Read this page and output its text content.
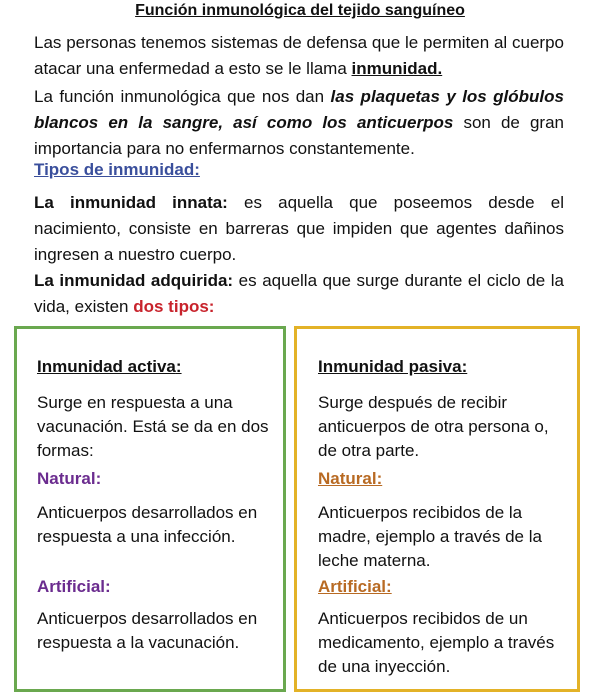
Función inmunológica del tejido sanguíneo
Las personas tenemos sistemas de defensa que le permiten al cuerpo atacar una enfermedad a esto se le llama inmunidad.
La función inmunológica que nos dan las plaquetas y los glóbulos blancos en la sangre, así como los anticuerpos son de gran importancia para no enfermarnos constantemente.
Tipos de inmunidad:
La inmunidad innata: es aquella que poseemos desde el nacimiento, consiste en barreras que impiden que agentes dañinos ingresen a nuestro cuerpo.
La inmunidad adquirida: es aquella que surge durante el ciclo de la vida, existen dos tipos:
Inmunidad activa:
Surge en respuesta a una vacunación. Está se da en dos formas:
Natural:
Anticuerpos desarrollados en respuesta a una infección.
Artificial:
Anticuerpos desarrollados en respuesta a la vacunación.
Inmunidad pasiva:
Surge después de recibir anticuerpos de otra persona o, de otra parte.
Natural:
Anticuerpos recibidos de la madre, ejemplo a través de la leche materna.
Artificial:
Anticuerpos recibidos de un medicamento, ejemplo a través de una inyección.
